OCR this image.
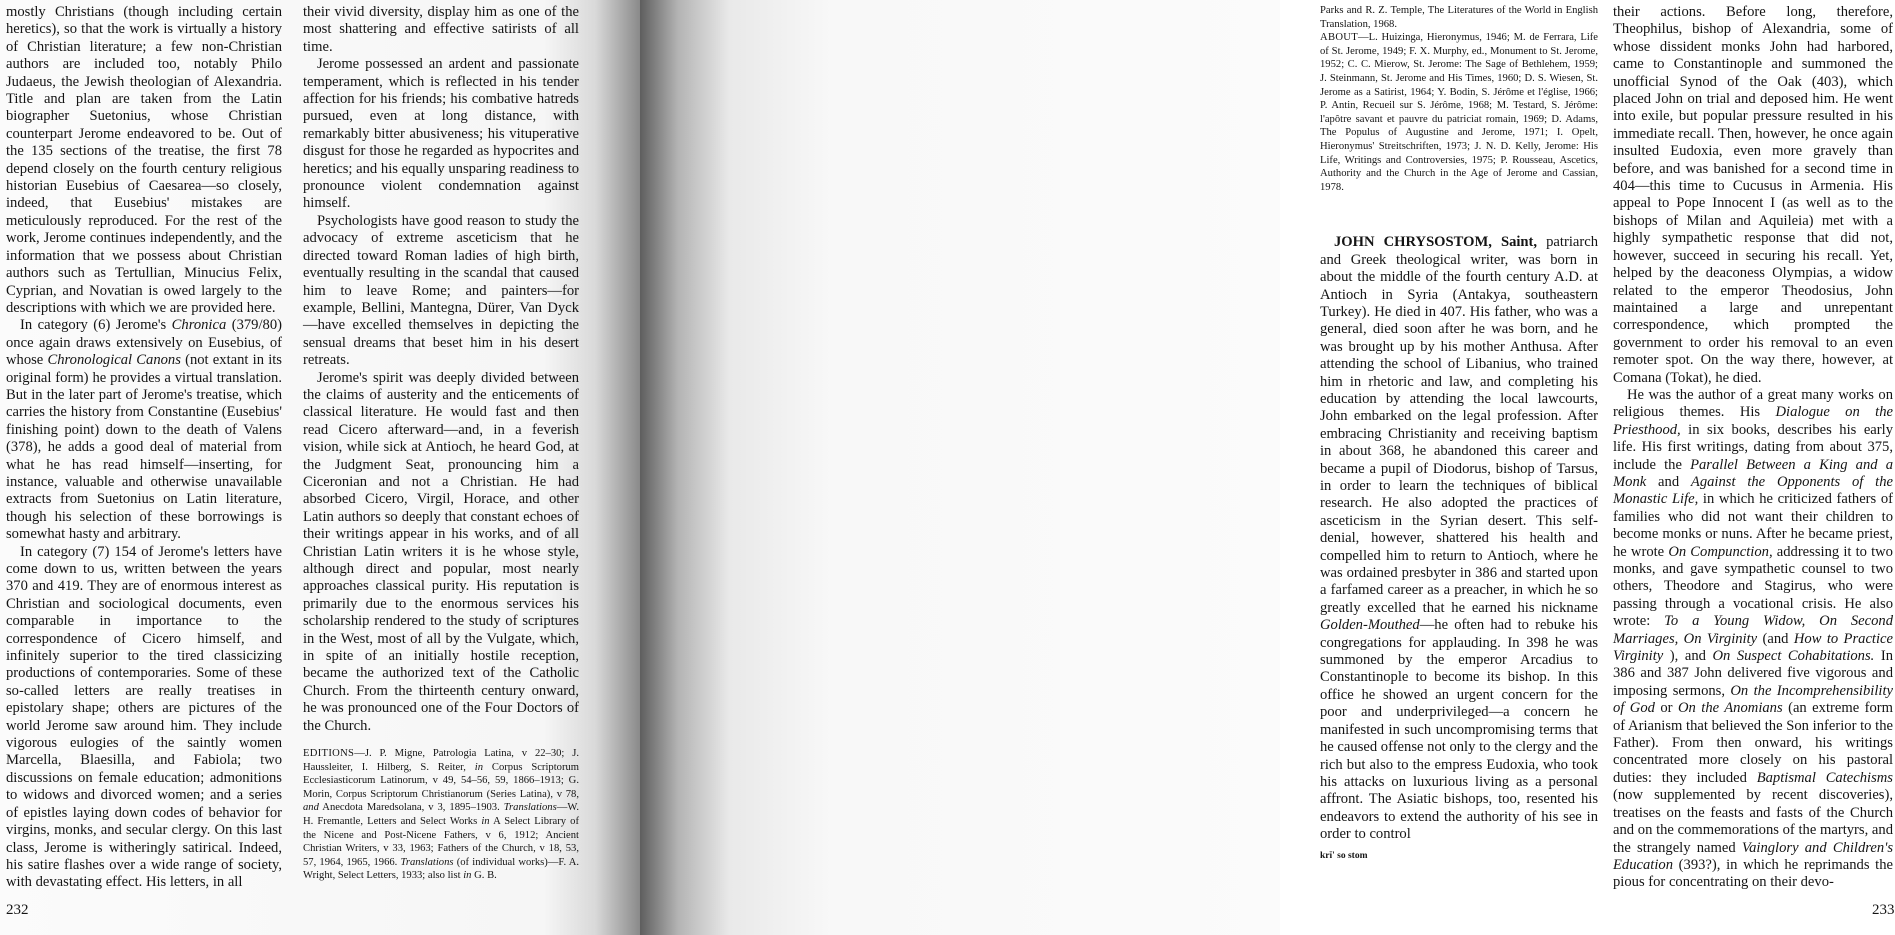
mostly Christians (though including certain heretics), so that the work is virtually a history of Christian literature; a few non-Christian authors are included too, notably Philo Judaeus, the Jewish theologian of Alexandria. Title and plan are taken from the Latin biographer Suetonius, whose Christian counterpart Jerome endeavored to be. Out of the 135 sections of the treatise, the first 78 depend closely on the fourth century religious historian Eusebius of Caesarea—so closely, indeed, that Eusebius' mistakes are meticulously reproduced. For the rest of the work, Jerome continues independently, and the information that we possess about Christian authors such as Tertullian, Minucius Felix, Cyprian, and Novatian is owed largely to the descriptions with which we are provided here.

In category (6) Jerome's Chronica (379/80) once again draws extensively on Eusebius, of whose Chronological Canons (not extant in its original form) he provides a virtual translation. But in the later part of Jerome's treatise, which carries the history from Constantine (Eusebius' finishing point) down to the death of Valens (378), he adds a good deal of material from what he has read himself—inserting, for instance, valuable and otherwise unavailable extracts from Suetonius on Latin literature, though his selection of these borrowings is somewhat hasty and arbitrary.

In category (7) 154 of Jerome's letters have come down to us, written between the years 370 and 419. They are of enormous interest as Christian and sociological documents, even comparable in importance to the correspondence of Cicero himself, and infinitely superior to the tired classicizing productions of contemporaries. Some of these so-called letters are really treatises in epistolary shape; others are pictures of the world Jerome saw around him. They include vigorous eulogies of the saintly women Marcella, Blaesilla, and Fabiola; two discussions on female education; admonitions to widows and divorced women; and a series of epistles laying down codes of behavior for virgins, monks, and secular clergy. On this last class, Jerome is witheringly satirical. Indeed, his satire flashes over a wide range of society, with devastating effect. His letters, in all

their vivid diversity, display him as one of the most shattering and effective satirists of all time.

Jerome possessed an ardent and passionate temperament, which is reflected in his tender affection for his friends; his combative hatreds pursued, even at long distance, with remarkably bitter abusiveness; his vituperative disgust for those he regarded as hypocrites and heretics; and his equally unsparing readiness to pronounce violent condemnation against himself.

Psychologists have good reason to study the advocacy of extreme asceticism that he directed toward Roman ladies of high birth, eventually resulting in the scandal that caused him to leave Rome; and painters—for example, Bellini, Mantegna, Dürer, Van Dyck—have excelled themselves in depicting the sensual dreams that beset him in his desert retreats.

Jerome's spirit was deeply divided between the claims of austerity and the enticements of classical literature. He would fast and then read Cicero afterward—and, in a feverish vision, while sick at Antioch, he heard God, at the Judgment Seat, pronouncing him a Ciceronian and not a Christian. He had absorbed Cicero, Virgil, Horace, and other Latin authors so deeply that constant echoes of their writings appear in his works, and of all Christian Latin writers it is he whose style, although direct and popular, most nearly approaches classical purity. His reputation is primarily due to the enormous services his scholarship rendered to the study of scriptures in the West, most of all by the Vulgate, which, in spite of an initially hostile reception, became the authorized text of the Catholic Church. From the thirteenth century onward, he was pronounced one of the Four Doctors of the Church.

EDITIONS—J. P. Migne, Patrologia Latina, v 22–30; J. Haussleiter, I. Hilberg, S. Reiter, in Corpus Scriptorum Ecclesiasticorum Latinorum, v 49, 54–56, 59, 1866–1913; G. Morin, Corpus Scriptorum Christianorum (Series Latina), v 78, and Anecdota Maredsolana, v 3, 1895–1903. Translations—W. H. Fremantle, Letters and Select Works in A Select Library of the Nicene and Post-Nicene Fathers, v 6, 1912; Ancient Christian Writers, v 33, 1963; Fathers of the Church, v 18, 53, 57, 1964, 1965, 1966. Translations (of individual works)—F. A. Wright, Select Letters, 1933; also list in G. B.

232

Parks and R. Z. Temple, The Literatures of the World in English Translation, 1968.

ABOUT—L. Huizinga, Hieronymus, 1946; M. de Ferrara, Life of St. Jerome, 1949; F. X. Murphy, ed., Monument to St. Jerome, 1952; C. C. Mierow, St. Jerome: The Sage of Bethlehem, 1959; J. Steinmann, St. Jerome and His Times, 1960; D. S. Wiesen, St. Jerome as a Satirist, 1964; Y. Bodin, S. Jérôme et l'église, 1966; P. Antin, Recueil sur S. Jérôme, 1968; M. Testard, S. Jérôme: l'apôtre savant et pauvre du patriciat romain, 1969; D. Adams, The Populus of Augustine and Jerome, 1971; I. Opelt, Hieronymus' Streitschriften, 1973; J. N. D. Kelly, Jerome: His Life, Writings and Controversies, 1975; P. Rousseau, Ascetics, Authority and the Church in the Age of Jerome and Cassian, 1978.

JOHN CHRYSOSTOM, Saint, patriarch and Greek theological writer, was born in about the middle of the fourth century A.D. at Antioch in Syria (Antakya, southeastern Turkey). He died in 407. His father, who was a general, died soon after he was born, and he was brought up by his mother Anthusa. After attending the school of Libanius, who trained him in rhetoric and law, and completing his education by attending the local lawcourts, John embarked on the legal profession. After embracing Christianity and receiving baptism in about 368, he abandoned this career and became a pupil of Diodorus, bishop of Tarsus, in order to learn the techniques of biblical research. He also adopted the practices of asceticism in the Syrian desert. This self-denial, however, shattered his health and compelled him to return to Antioch, where he was ordained presbyter in 386 and started upon a farfamed career as a preacher, in which he so greatly excelled that he earned his nickname Golden-Mouthed—he often had to rebuke his congregations for applauding. In 398 he was summoned by the emperor Arcadius to Constantinople to become its bishop. In this office he showed an urgent concern for the poor and underprivileged—a concern he manifested in such uncompromising terms that he caused offense not only to the clergy and the rich but also to the empress Eudoxia, who took his attacks on luxurious living as a personal affront. The Asiatic bishops, too, resented his endeavors to extend the authority of his see in order to control

krĭ' so stom

their actions. Before long, therefore, Theophilus, bishop of Alexandria, some of whose dissident monks John had harbored, came to Constantinople and summoned the unofficial Synod of the Oak (403), which placed John on trial and deposed him. He went into exile, but popular pressure resulted in his immediate recall. Then, however, he once again insulted Eudoxia, even more gravely than before, and was banished for a second time in 404—this time to Cucusus in Armenia. His appeal to Pope Innocent I (as well as to the bishops of Milan and Aquileia) met with a highly sympathetic response that did not, however, succeed in securing his recall. Yet, helped by the deaconess Olympias, a widow related to the emperor Theodosius, John maintained a large and unrepentant correspondence, which prompted the government to order his removal to an even remoter spot. On the way there, however, at Comana (Tokat), he died.

He was the author of a great many works on religious themes. His Dialogue on the Priesthood, in six books, describes his early life. His first writings, dating from about 375, include the Parallel Between a King and a Monk and Against the Opponents of the Monastic Life, in which he criticized fathers of families who did not want their children to become monks or nuns. After he became priest, he wrote On Compunction, addressing it to two monks, and gave sympathetic counsel to two others, Theodore and Stagirus, who were passing through a vocational crisis. He also wrote: To a Young Widow, On Second Marriages, On Virginity (and How to Practice Virginity ), and On Suspect Cohabitations. In 386 and 387 John delivered five vigorous and imposing sermons, On the Incomprehensibility of God or On the Anomians (an extreme form of Arianism that believed the Son inferior to the Father). From then onward, his writings concentrated more closely on his pastoral duties: they included Baptismal Catechisms (now supplemented by recent discoveries), treatises on the feasts and fasts of the Church and on the commemorations of the martyrs, and the strangely named Vainglory and Children's Education (393?), in which he reprimands the pious for concentrating on their devo-

233
